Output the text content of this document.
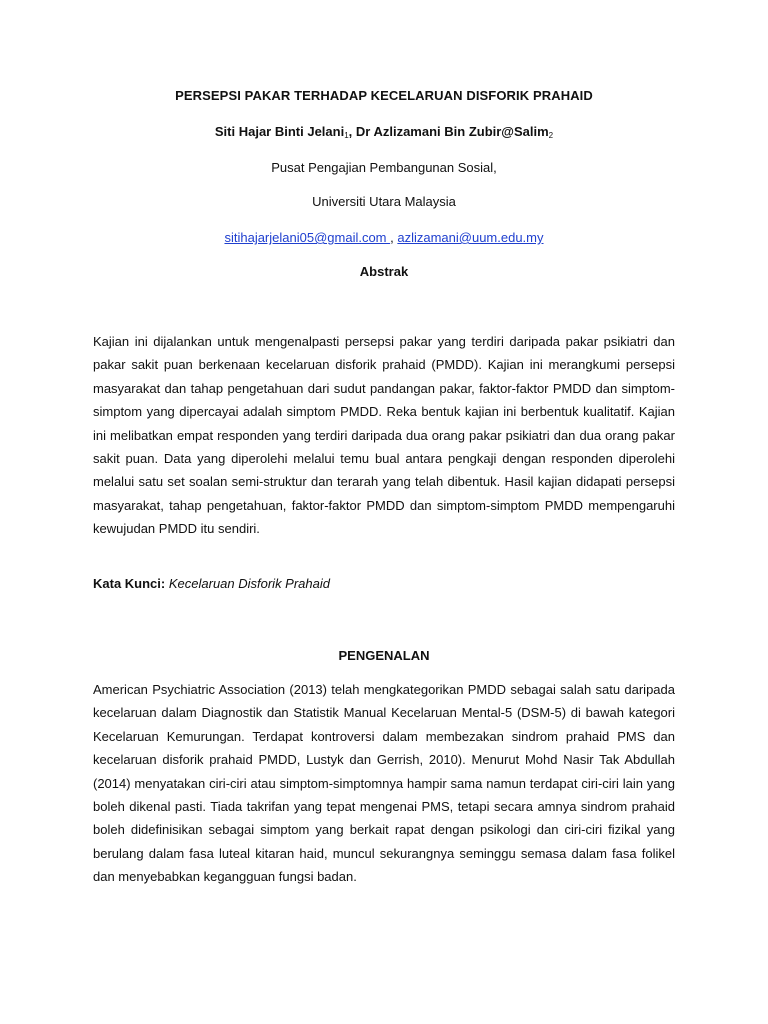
PERSEPSI PAKAR TERHADAP KECELARUAN DISFORIK PRAHAID
Siti Hajar Binti Jelani$_1$, Dr Azlizamani Bin Zubir@Salim$_2$
Pusat Pengajian Pembangunan Sosial,
Universiti Utara Malaysia
sitihajarjelani05@gmail.com , azlizamani@uum.edu.my
Abstrak

Kajian ini dijalankan untuk mengenalpasti persepsi pakar yang terdiri daripada pakar psikiatri dan pakar sakit puan berkenaan kecelaruan disforik prahaid (PMDD). Kajian ini merangkumi persepsi masyarakat dan tahap pengetahuan dari sudut pandangan pakar, faktor-faktor PMDD dan simptom-simptom yang dipercayai adalah simptom PMDD. Reka bentuk kajian ini berbentuk kualitatif. Kajian ini melibatkan empat responden yang terdiri daripada dua orang pakar psikiatri dan dua orang pakar sakit puan. Data yang diperolehi melalui temu bual antara pengkaji dengan responden diperolehi melalui satu set soalan semi-struktur dan terarah yang telah dibentuk. Hasil kajian didapati persepsi masyarakat, tahap pengetahuan, faktor-faktor PMDD dan simptom-simptom PMDD mempengaruhi kewujudan PMDD itu sendiri.

Kata Kunci: Kecelaruan Disforik Prahaid
PENGENALAN

American Psychiatric Association (2013) telah mengkategorikan PMDD sebagai salah satu daripada kecelaruan dalam Diagnostik dan Statistik Manual Kecelaruan Mental-5 (DSM-5) di bawah kategori Kecelaruan Kemurungan. Terdapat kontroversi dalam membezakan sindrom prahaid PMS dan kecelaruan disforik prahaid PMDD, Lustyk dan Gerrish, 2010). Menurut Mohd Nasir Tak Abdullah (2014) menyatakan ciri-ciri atau simptom-simptomnya hampir sama namun terdapat ciri-ciri lain yang boleh dikenal pasti. Tiada takrifan yang tepat mengenai PMS, tetapi secara amnya sindrom prahaid boleh didefinisikan sebagai simptom yang berkait rapat dengan psikologi dan ciri-ciri fizikal yang berulang dalam fasa luteal kitaran haid, muncul sekurangnya seminggu semasa dalam fasa folikel dan menyebabkan kegangguan fungsi badan.
